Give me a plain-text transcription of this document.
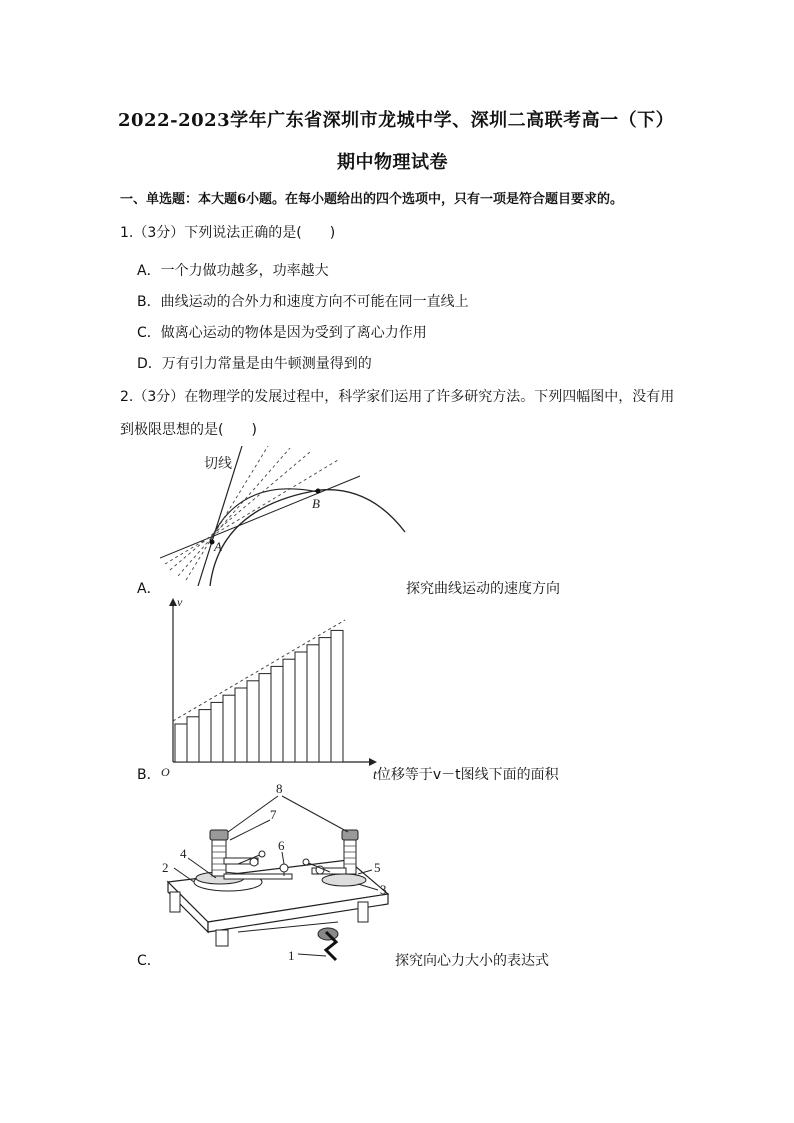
2022-2023学年广东省深圳市龙城中学、深圳二高联考高一（下）
期中物理试卷
一、单选题：本大题6小题。在每小题给出的四个选项中，只有一项是符合题目要求的。
1.（3分）下列说法正确的是(　　)
A．一个力做功越多，功率越大
B．曲线运动的合外力和速度方向不可能在同一直线上
C．做离心运动的物体是因为受到了离心力作用
D．万有引力常量是由牛顿测量得到的
2.（3分）在物理学的发展过程中，科学家们运用了许多研究方法。下列四幅图中，没有用
到极限思想的是(　　)
切线
A
B
A．	探究曲线运动的速度方向
v
O
B．	t位移等于v－t图线下面的面积
8
7
6
4
2	5
3
1
C．	探究向心力大小的表达式
